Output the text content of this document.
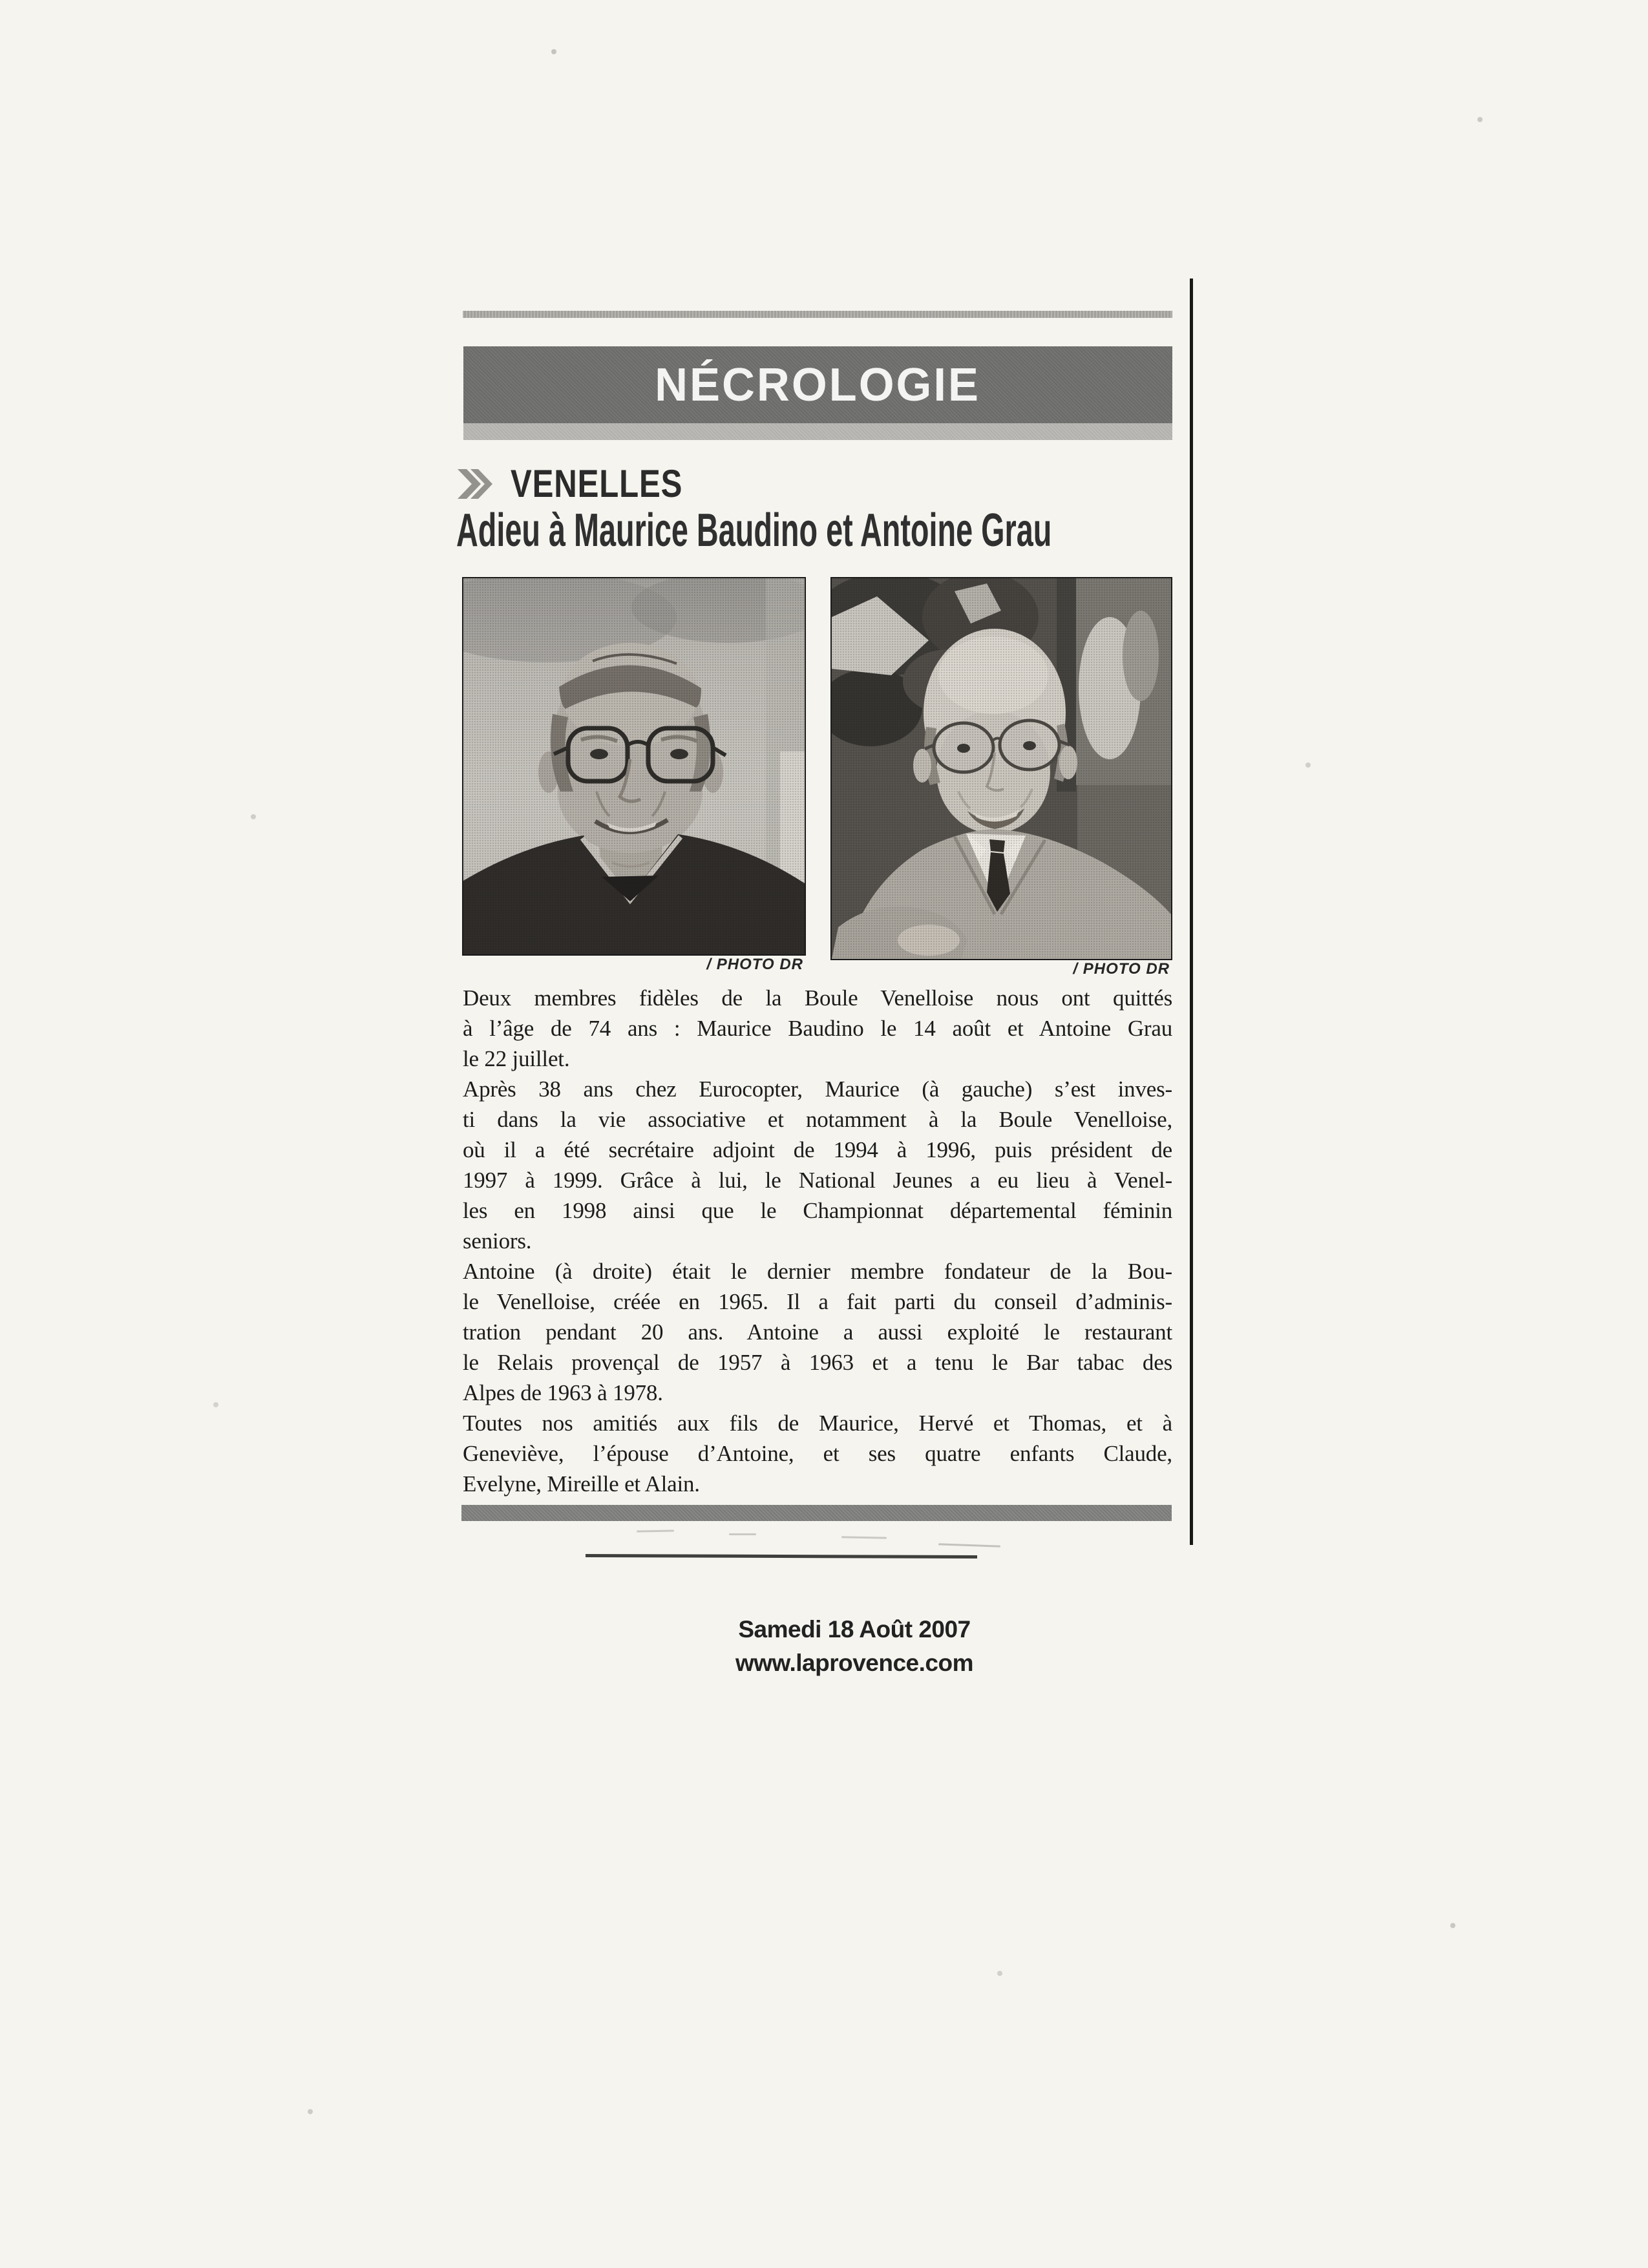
NÉCROLOGIE
VENELLES
Adieu à Maurice Baudino et Antoine Grau
/ PHOTO DR	/ PHOTO DR
Deux membres fidèles de la Boule Venelloise nous ont quittés
à l’âge de 74 ans : Maurice Baudino le 14 août et Antoine Grau
le 22 juillet.
Après 38 ans chez Eurocopter, Maurice (à gauche) s’est inves-
ti dans la vie associative et notamment à la Boule Venelloise,
où il a été secrétaire adjoint de 1994 à 1996, puis président de
1997 à 1999. Grâce à lui, le National Jeunes a eu lieu à Venel-
les en 1998 ainsi que le Championnat départemental féminin
seniors.
Antoine (à droite) était le dernier membre fondateur de la Bou-
le Venelloise, créée en 1965. Il a fait parti du conseil d’adminis-
tration pendant 20 ans. Antoine a aussi exploité le restaurant
le Relais provençal de 1957 à 1963 et a tenu le Bar tabac des
Alpes de 1963 à 1978.
Toutes nos amitiés aux fils de Maurice, Hervé et Thomas, et à
Geneviève, l’épouse d’Antoine, et ses quatre enfants Claude,
Evelyne, Mireille et Alain.
Samedi 18 Août 2007
www.laprovence.com
